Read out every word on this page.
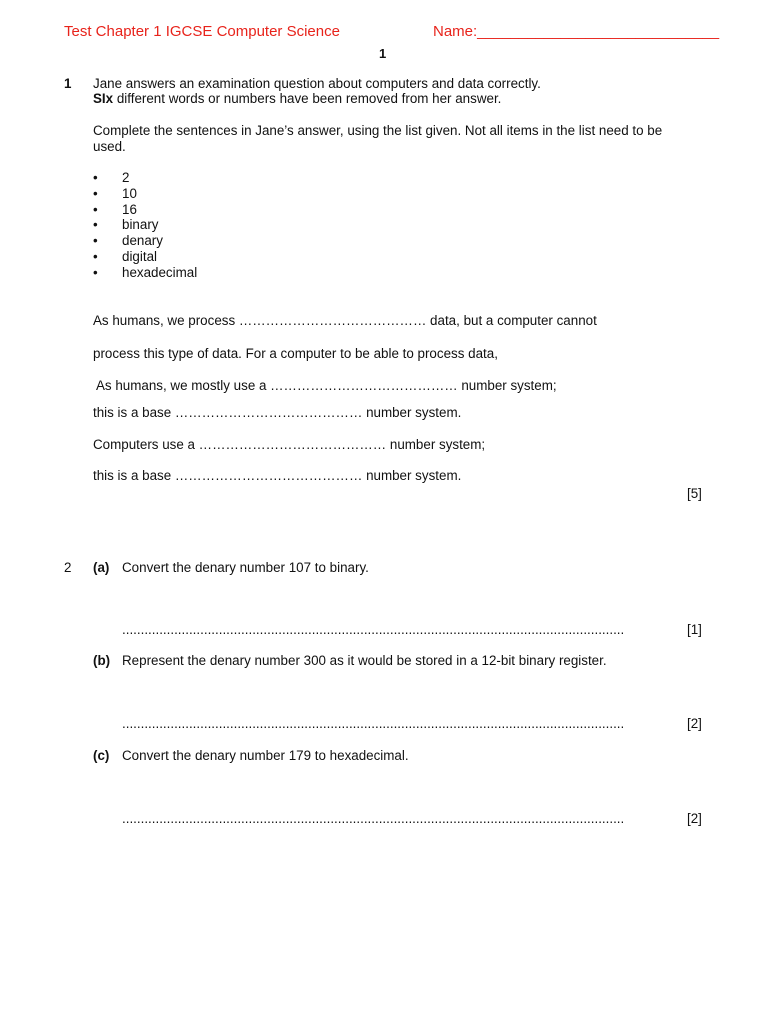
Test Chapter 1 IGCSE Computer Science	Name:_____________________________
1
1 Jane answers an examination question about computers and data correctly.
SIx different words or numbers have been removed from her answer.
Complete the sentences in Jane’s answer, using the list given. Not all items in the list need to be
used.
• 2
• 10
• 16
• binary
• denary
• digital
• hexadecimal
As humans, we process …………………………………… data, but a computer cannot
process this type of data. For a computer to be able to process data,
As humans, we mostly use a …………………………………… number system;
this is a base …………………………………… number system.
Computers use a …………………………………… number system;
this is a base …………………………………… number system.
[5]
2 (a) Convert the denary number 107 to binary.
.......................................................................................................................................	[1]
(b) Represent the denary number 300 as it would be stored in a 12-bit binary register.
.......................................................................................................................................	[2]
(c) Convert the denary number 179 to hexadecimal.
.......................................................................................................................................	[2]
